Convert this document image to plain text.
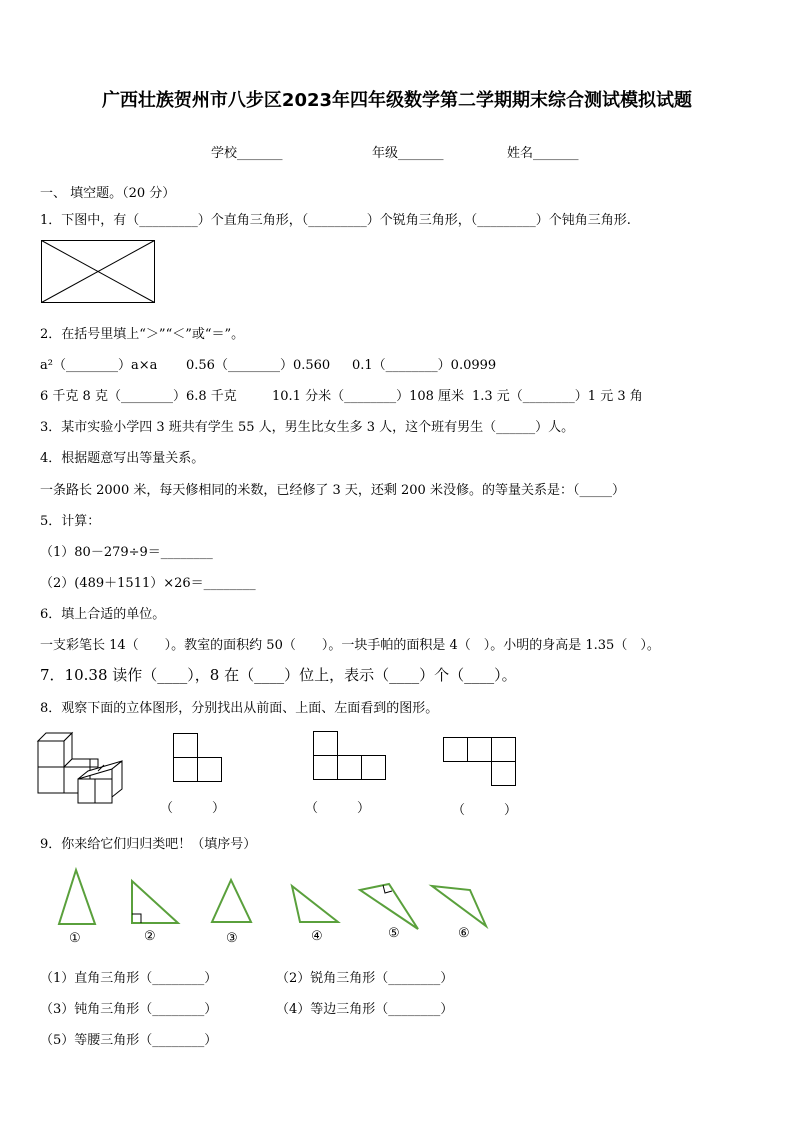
广西壮族贺州市八步区2023年四年级数学第二学期期末综合测试模拟试题
学校_______	年级_______	姓名_______
一、 填空题。（20 分）
1．下图中，有（_________）个直角三角形，（_________）个锐角三角形，（_________）个钝角三角形.
2．在括号里填上“＞”“＜”或“＝”。
a²（________）a×a 0.56（________）0.560 0.1（________）0.0999
6 千克 8 克（________）6.8 千克	10.1 分米（________）108 厘米 1.3 元（________）1 元 3 角
3．某市实验小学四 3 班共有学生 55 人，男生比女生多 3 人，这个班有男生（______）人。
4．根据题意写出等量关系。
一条路长 2000 米，每天修相同的米数，已经修了 3 天，还剩 200 米没修。的等量关系是：（_____）
5．计算：
（1）80－279÷9＝________
（2）(489＋1511）×26＝________
6．填上合适的单位。
一支彩笔长 14（　　）。教室的面积约 50（　　）。一块手帕的面积是 4（　）。小明的身高是 1.35（　）。
7．10.38 读作（____），8 在（____）位上，表示（____）个（____）。
8．观察下面的立体图形，分别找出从前面、上面、左面看到的图形。
（　　　）	（　　　）	（　　　）
9．你来给它们归归类吧！（填序号）
①	②	③	④	⑤	⑥
（1）直角三角形（________）	（2）锐角三角形（________）
（3）钝角三角形（________）	（4）等边三角形（________）
（5）等腰三角形（________）
